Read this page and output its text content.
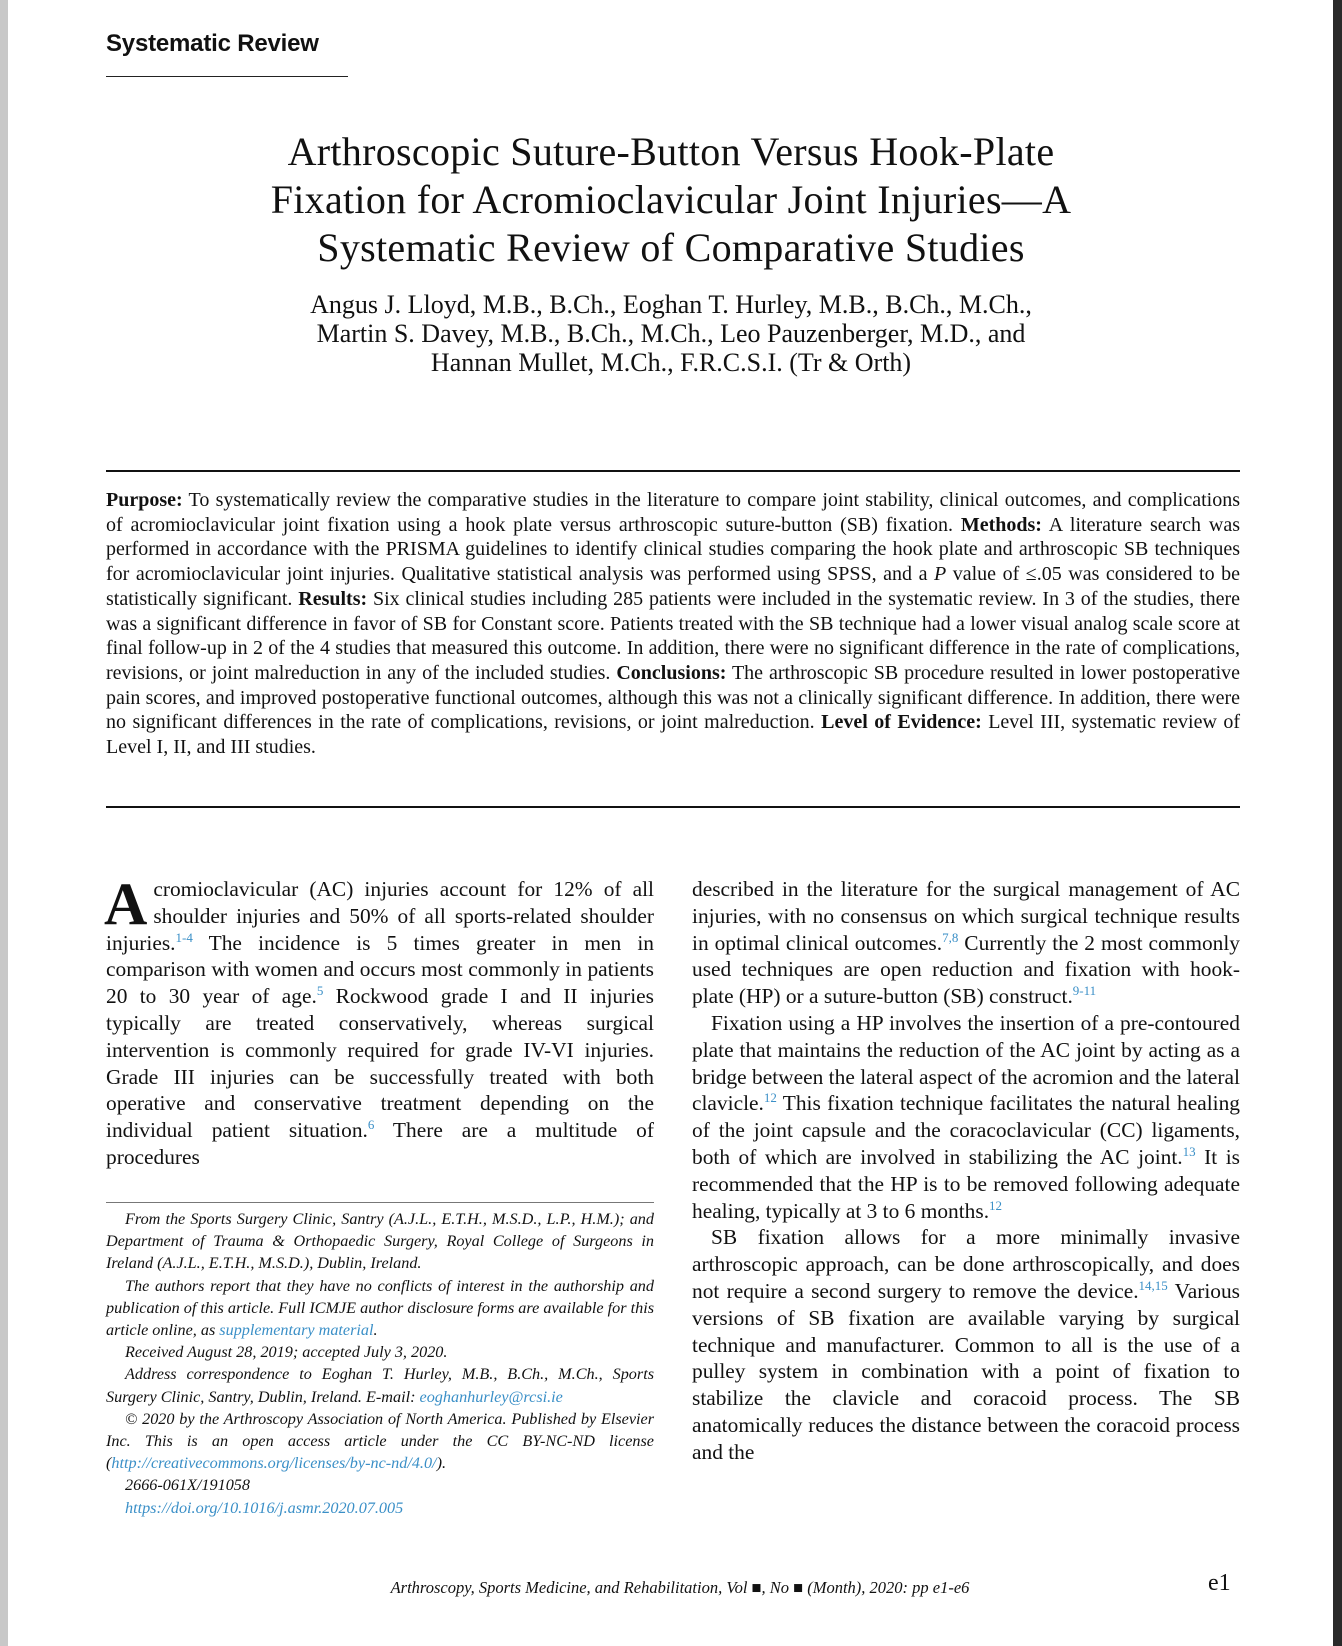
Systematic Review
Arthroscopic Suture-Button Versus Hook-Plate
Fixation for Acromioclavicular Joint Injuries—A
Systematic Review of Comparative Studies
Angus J. Lloyd, M.B., B.Ch., Eoghan T. Hurley, M.B., B.Ch., M.Ch.,
Martin S. Davey, M.B., B.Ch., M.Ch., Leo Pauzenberger, M.D., and
Hannan Mullet, M.Ch., F.R.C.S.I. (Tr & Orth)
Purpose: To systematically review the comparative studies in the literature to compare joint stability, clinical outcomes, and complications of acromioclavicular joint fixation using a hook plate versus arthroscopic suture-button (SB) fixation. Methods: A literature search was performed in accordance with the PRISMA guidelines to identify clinical studies comparing the hook plate and arthroscopic SB techniques for acromioclavicular joint injuries. Qualitative statistical analysis was performed using SPSS, and a P value of ≤.05 was considered to be statistically significant. Results: Six clinical studies including 285 patients were included in the systematic review. In 3 of the studies, there was a significant difference in favor of SB for Constant score. Patients treated with the SB technique had a lower visual analog scale score at final follow-up in 2 of the 4 studies that measured this outcome. In addition, there were no significant difference in the rate of complications, revisions, or joint malreduction in any of the included studies. Conclusions: The arthroscopic SB procedure resulted in lower postoperative pain scores, and improved postoperative functional outcomes, although this was not a clinically significant difference. In addition, there were no significant differences in the rate of complications, revisions, or joint malreduction. Level of Evidence: Level III, systematic review of Level I, II, and III studies.

Acromioclavicular (AC) injuries account for 12% of all shoulder injuries and 50% of all sports-related shoulder injuries.$^{1-4}$ The incidence is 5 times greater in men in comparison with women and occurs most commonly in patients 20 to 30 year of age.$^5$ Rockwood grade I and II injuries typically are treated conservatively, whereas surgical intervention is commonly required for grade IV-VI injuries. Grade III injuries can be successfully treated with both operative and conservative treatment depending on the individual patient situation.$^6$ There are a multitude of procedures

From the Sports Surgery Clinic, Santry (A.J.L., E.T.H., M.S.D., L.P., H.M.); and Department of Trauma & Orthopaedic Surgery, Royal College of Surgeons in Ireland (A.J.L., E.T.H., M.S.D.), Dublin, Ireland.

The authors report that they have no conflicts of interest in the authorship and publication of this article. Full ICMJE author disclosure forms are available for this article online, as supplementary material.

Received August 28, 2019; accepted July 3, 2020.

Address correspondence to Eoghan T. Hurley, M.B., B.Ch., M.Ch., Sports Surgery Clinic, Santry, Dublin, Ireland. E-mail: eoghanhurley@rcsi.ie

© 2020 by the Arthroscopy Association of North America. Published by Elsevier Inc. This is an open access article under the CC BY-NC-ND license (http://creativecommons.org/licenses/by-nc-nd/4.0/).

2666-061X/191058

https://doi.org/10.1016/j.asmr.2020.07.005

described in the literature for the surgical management of AC injuries, with no consensus on which surgical technique results in optimal clinical outcomes.$^{7,8}$ Currently the 2 most commonly used techniques are open reduction and fixation with hook-plate (HP) or a suture-button (SB) construct.$^{9-11}$

Fixation using a HP involves the insertion of a pre-contoured plate that maintains the reduction of the AC joint by acting as a bridge between the lateral aspect of the acromion and the lateral clavicle.$^{12}$ This fixation technique facilitates the natural healing of the joint capsule and the coracoclavicular (CC) ligaments, both of which are involved in stabilizing the AC joint.$^{13}$ It is recommended that the HP is to be removed following adequate healing, typically at 3 to 6 months.$^{12}$

SB fixation allows for a more minimally invasive arthroscopic approach, can be done arthroscopically, and does not require a second surgery to remove the device.$^{14,15}$ Various versions of SB fixation are available varying by surgical technique and manufacturer. Common to all is the use of a pulley system in combination with a point of fixation to stabilize the clavicle and coracoid process. The SB anatomically reduces the distance between the coracoid process and the

Arthroscopy, Sports Medicine, and Rehabilitation, Vol ■, No ■ (Month), 2020: pp e1-e6	e1
